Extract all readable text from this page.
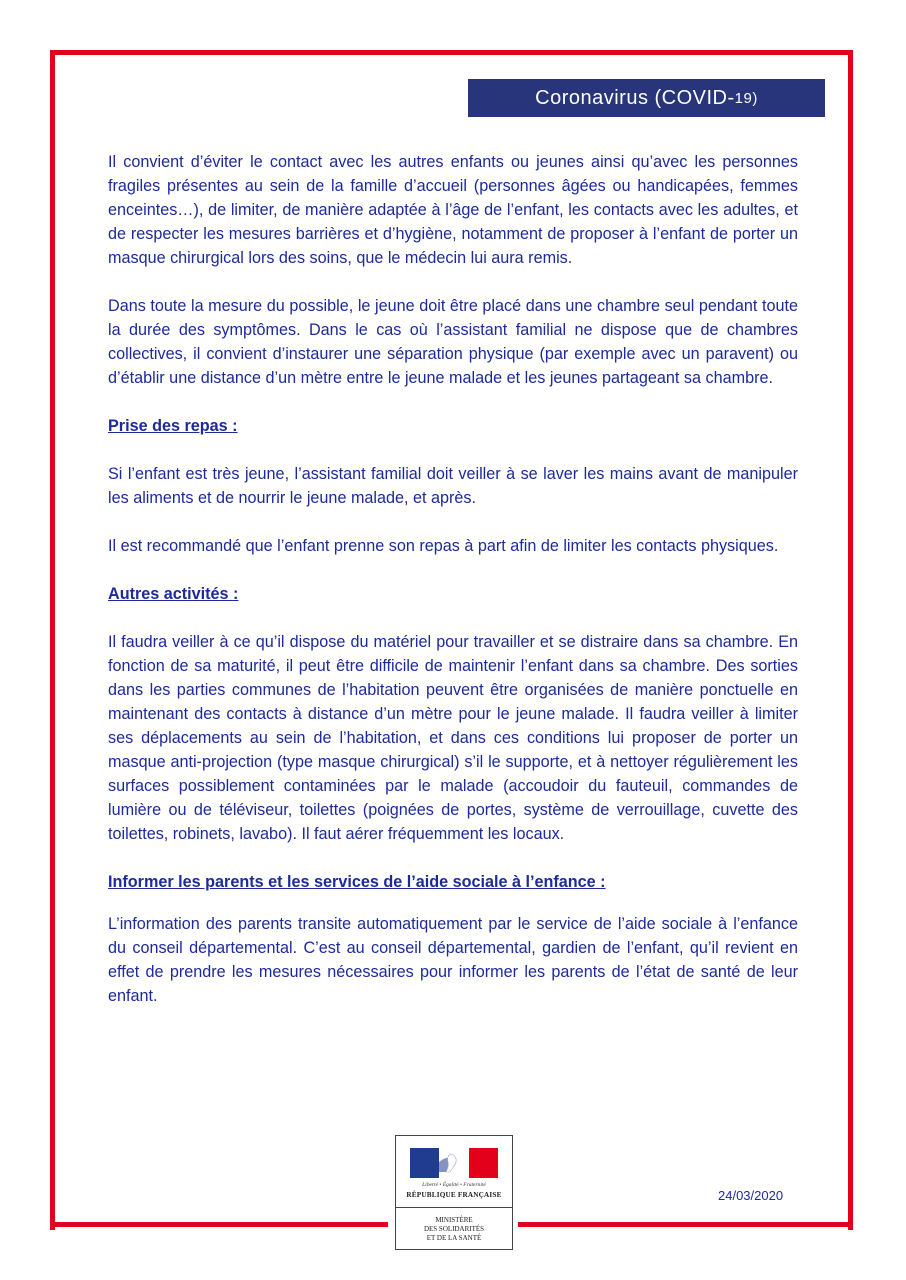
Coronavirus (COVID- 19)

Il convient d’éviter le contact avec les autres enfants ou jeunes ainsi qu’avec les personnes fragiles présentes au sein de la famille d’accueil (personnes âgées ou handicapées, femmes enceintes…), de limiter, de manière adaptée à l’âge de l’enfant, les contacts avec les adultes, et de respecter les mesures barrières et d’hygiène, notamment de proposer à l’enfant de porter un masque chirurgical lors des soins, que le médecin lui aura remis.

Dans toute la mesure du possible, le jeune doit être placé dans une chambre seul pendant toute la durée des symptômes. Dans le cas où l’assistant familial ne dispose que de chambres collectives, il convient d’instaurer une séparation physique (par exemple avec un paravent) ou d’établir une distance d’un mètre entre le jeune malade et les jeunes partageant sa chambre.

Prise des repas :

Si l’enfant est très jeune, l’assistant familial doit veiller à se laver les mains avant de manipuler les aliments et de nourrir le jeune malade, et après.

Il est recommandé que l’enfant prenne son repas à part afin de limiter les contacts physiques.

Autres activités :

Il faudra veiller à ce qu’il dispose du matériel pour travailler et se distraire dans sa chambre. En fonction de sa maturité, il peut être difficile de maintenir l’enfant dans sa chambre. Des sorties dans les parties communes de l’habitation peuvent être organisées de manière ponctuelle en maintenant des contacts à distance d’un mètre pour le jeune malade. Il faudra veiller à limiter ses déplacements au sein de l’habitation, et dans ces conditions lui proposer de porter un masque anti-projection (type masque chirurgical) s’il le supporte, et à nettoyer régulièrement les surfaces possiblement contaminées par le malade (accoudoir du fauteuil, commandes de lumière ou de téléviseur, toilettes (poignées de portes, système de verrouillage, cuvette des toilettes, robinets, lavabo). Il faut aérer fréquemment les locaux.

Informer les parents et les services de l’aide sociale à l’enfance :

L’information des parents transite automatiquement par le service de l’aide sociale à l’enfance du conseil départemental. C’est au conseil départemental, gardien de l’enfant, qu’il revient en effet de prendre les mesures nécessaires pour informer les parents de l’état de santé de leur enfant.

Liberté • Égalité • Fraternité
RÉPUBLIQUE FRANÇAISE
MINISTÈRE
DES SOLIDARITÉS
ET DE LA SANTÉ
24/03/2020
